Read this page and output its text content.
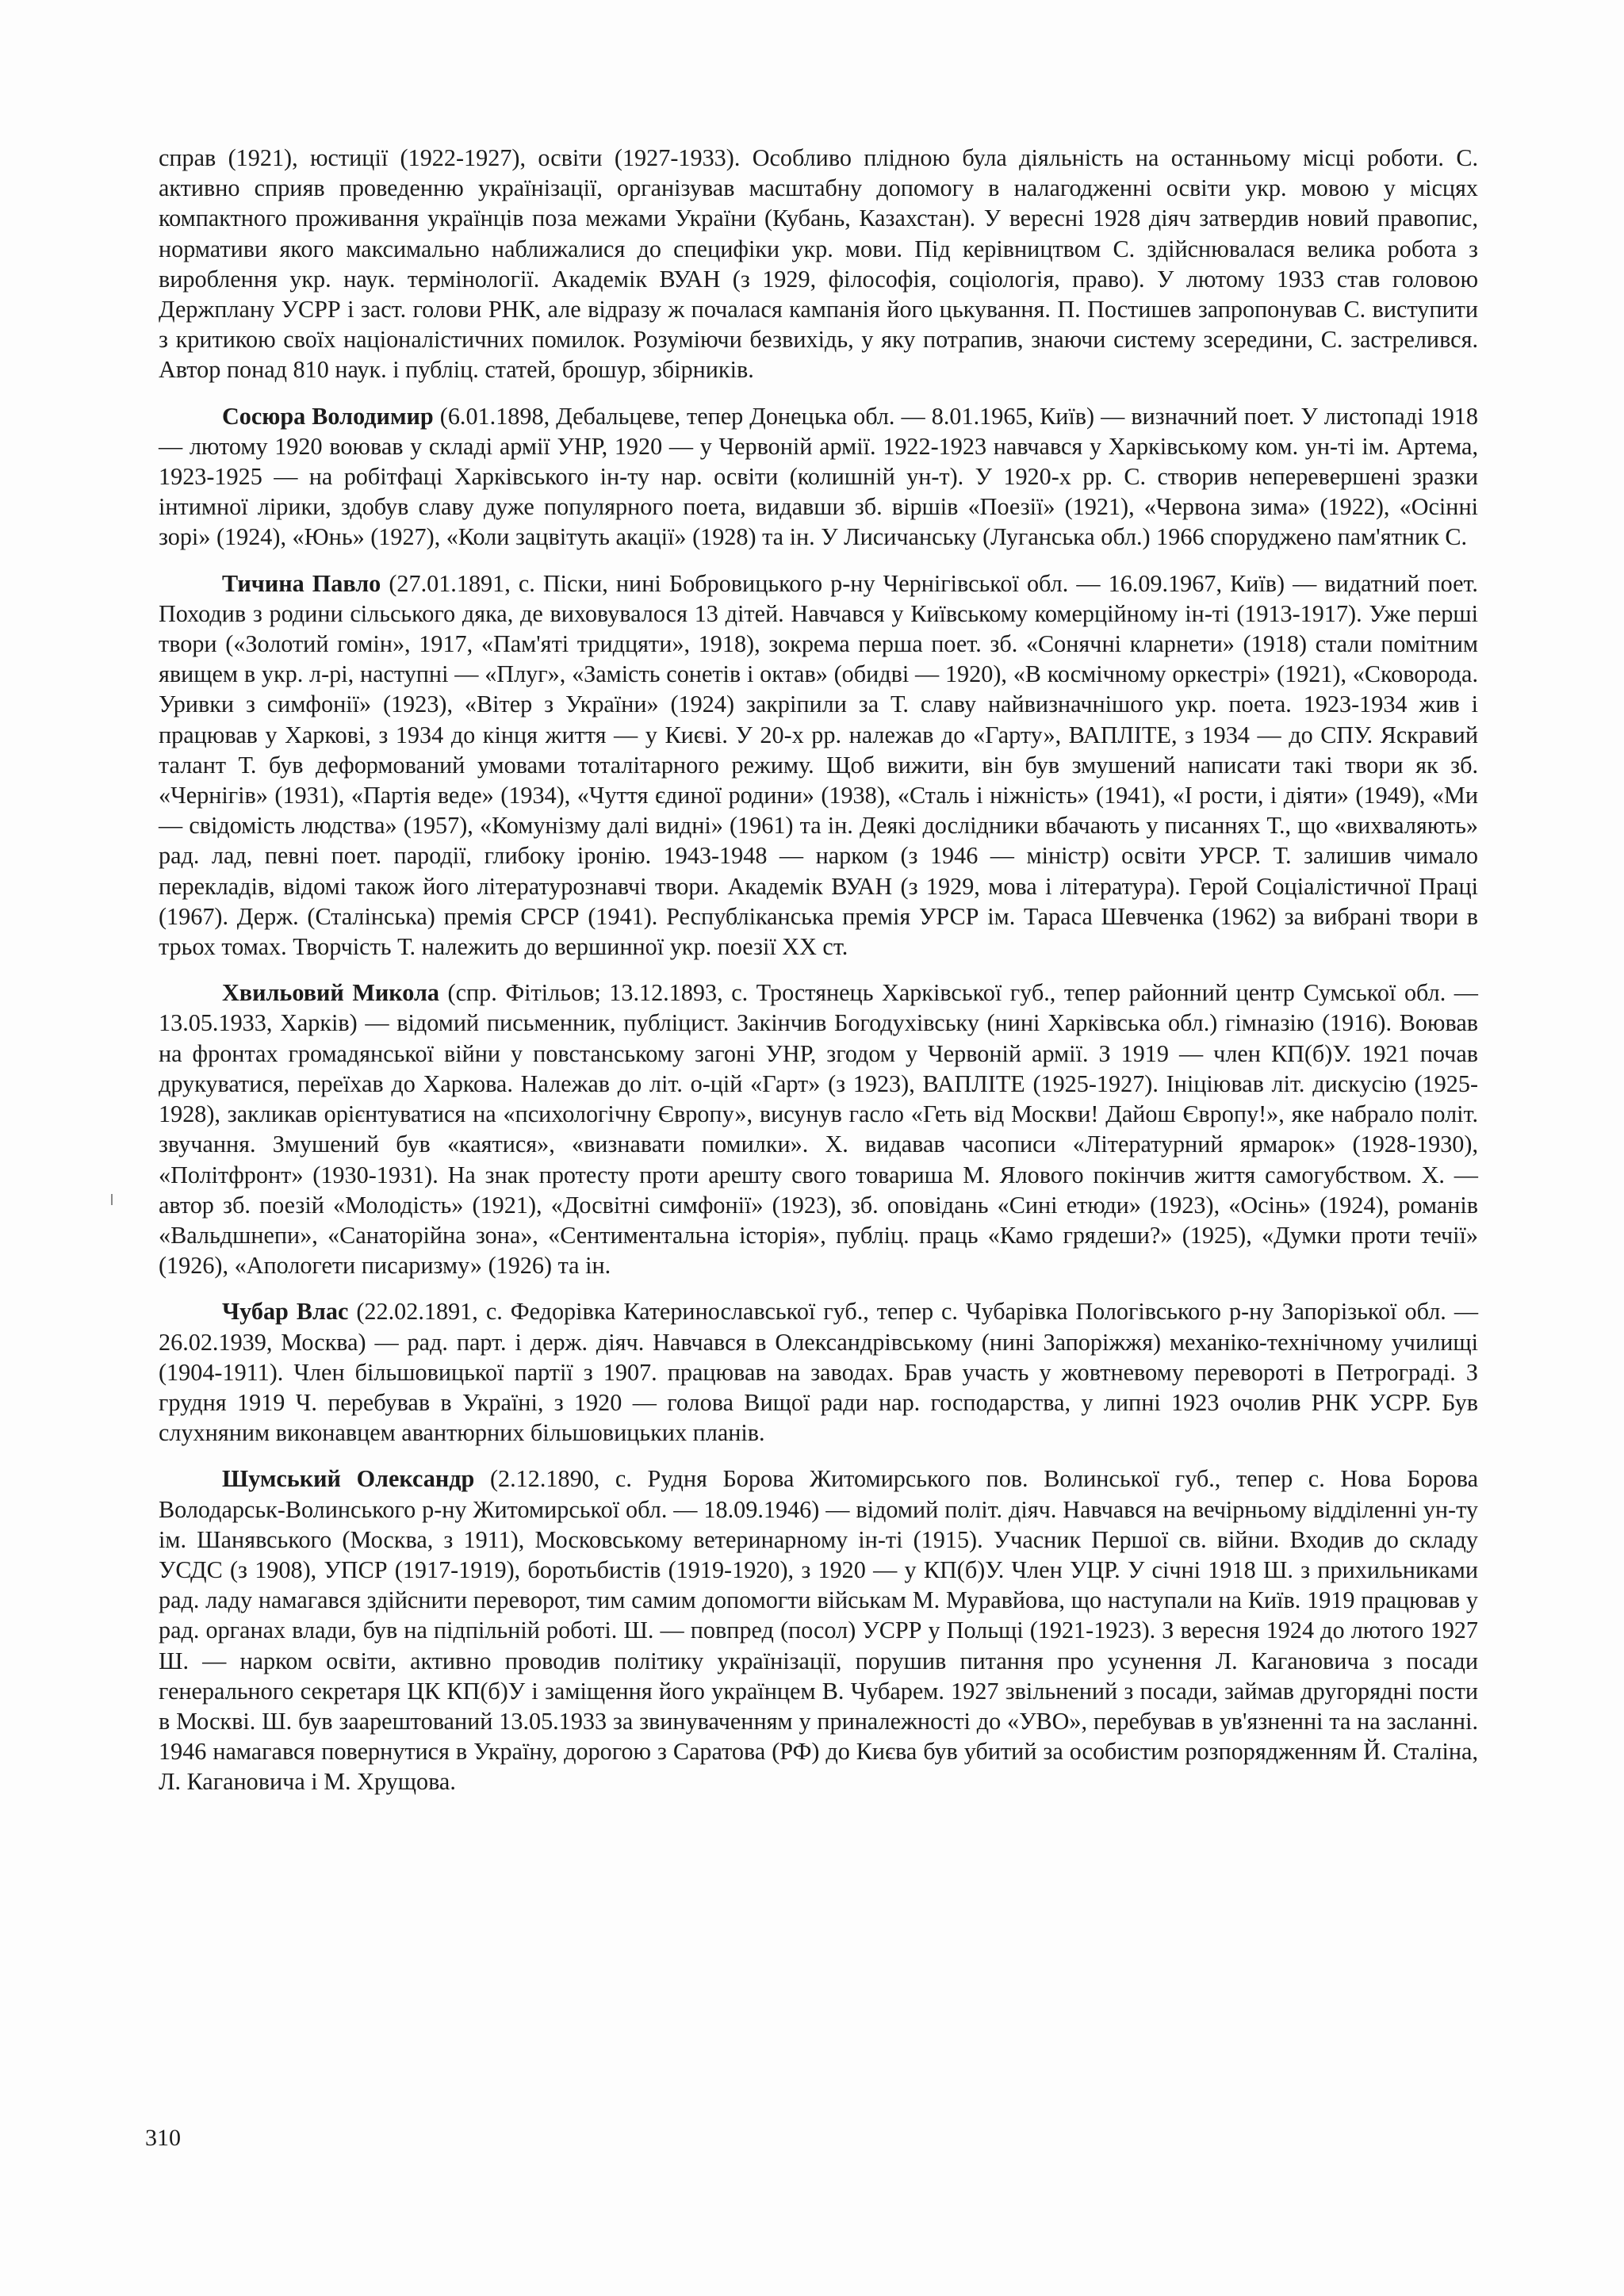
справ (1921), юстиції (1922-1927), освіти (1927-1933). Особливо плідною була діяльність на останньому місці роботи. С. активно сприяв проведенню українізації, організував масштабну допомогу в налагодженні освіти укр. мовою у місцях компактного проживання українців поза межами України (Кубань, Казахстан). У вересні 1928 діяч затвердив новий правопис, нормативи якого максимально наближалися до специфіки укр. мови. Під керівництвом С. здійснювалася велика робота з вироблення укр. наук. термінології. Академік ВУАН (з 1929, філософія, соціологія, право). У лютому 1933 став головою Держплану УСРР і заст. голови РНК, але відразу ж почалася кампанія його цькування. П. Постишев запропонував С. виступити з критикою своїх націоналістичних помилок. Розуміючи безвихідь, у яку потрапив, знаючи систему зсередини, С. застрелився. Автор понад 810 наук. і публіц. статей, брошур, збірників.

Сосюра Володимир (6.01.1898, Дебальцеве, тепер Донецька обл. — 8.01.1965, Київ) — визначний поет. У листопаді 1918 — лютому 1920 воював у складі армії УНР, 1920 — у Червоній армії. 1922-1923 навчався у Харківському ком. ун-ті ім. Артема, 1923-1925 — на робітфаці Харківського ін-ту нар. освіти (колишній ун-т). У 1920-х рр. С. створив неперевершені зразки інтимної лірики, здобув славу дуже популярного поета, видавши зб. віршів «Поезії» (1921), «Червона зима» (1922), «Осінні зорі» (1924), «Юнь» (1927), «Коли зацвітуть акації» (1928) та ін. У Лисичанську (Луганська обл.) 1966 споруджено пам'ятник С.

Тичина Павло (27.01.1891, с. Піски, нині Бобровицького р-ну Чернігівської обл. — 16.09.1967, Київ) — видатний поет. Походив з родини сільського дяка, де виховувалося 13 дітей. Навчався у Київському комерційному ін-ті (1913-1917). Уже перші твори («Золотий гомін», 1917, «Пам'яті тридцяти», 1918), зокрема перша поет. зб. «Сонячні кларнети» (1918) стали помітним явищем в укр. л-рі, наступні — «Плуг», «Замість сонетів і октав» (обидві — 1920), «В космічному оркестрі» (1921), «Сковорода. Уривки з симфонії» (1923), «Вітер з України» (1924) закріпили за Т. славу найвизначнішого укр. поета. 1923-1934 жив і працював у Харкові, з 1934 до кінця життя — у Києві. У 20-х рр. належав до «Гарту», ВАПЛІТЕ, з 1934 — до СПУ. Яскравий талант Т. був деформований умовами тоталітарного режиму. Щоб вижити, він був змушений написати такі твори як зб. «Чернігів» (1931), «Партія веде» (1934), «Чуття єдиної родини» (1938), «Сталь і ніжність» (1941), «І рости, і діяти» (1949), «Ми — свідомість людства» (1957), «Комунізму далі видні» (1961) та ін. Деякі дослідники вбачають у писаннях Т., що «вихваляють» рад. лад, певні поет. пародії, глибоку іронію. 1943-1948 — нарком (з 1946 — міністр) освіти УРСР. Т. залишив чимало перекладів, відомі також його літературознавчі твори. Академік ВУАН (з 1929, мова і література). Герой Соціалістичної Праці (1967). Держ. (Сталінська) премія СРСР (1941). Республіканська премія УРСР ім. Тараса Шевченка (1962) за вибрані твори в трьох томах. Творчість Т. належить до вершинної укр. поезії XX ст.

Хвильовий Микола (спр. Фітільов; 13.12.1893, с. Тростянець Харківської губ., тепер районний центр Сумської обл. — 13.05.1933, Харків) — відомий письменник, публіцист. Закінчив Богодухівську (нині Харківська обл.) гімназію (1916). Воював на фронтах громадянської війни у повстанському загоні УНР, згодом у Червоній армії. З 1919 — член КП(б)У. 1921 почав друкуватися, переїхав до Харкова. Належав до літ. о-цій «Гарт» (з 1923), ВАПЛІТЕ (1925-1927). Ініціював літ. дискусію (1925-1928), закликав орієнтуватися на «психологічну Європу», висунув гасло «Геть від Москви! Дайош Європу!», яке набрало політ. звучання. Змушений був «каятися», «визнавати помилки». Х. видавав часописи «Літературний ярмарок» (1928-1930), «Політфронт» (1930-1931). На знак протесту проти арешту свого товариша М. Ялового покінчив життя самогубством. Х. — автор зб. поезій «Молодість» (1921), «Досвітні симфонії» (1923), зб. оповідань «Сині етюди» (1923), «Осінь» (1924), романів «Вальдшнепи», «Санаторійна зона», «Сентиментальна історія», публіц. праць «Камо грядеши?» (1925), «Думки проти течії» (1926), «Апологети писаризму» (1926) та ін.

Чубар Влас (22.02.1891, с. Федорівка Катеринославської губ., тепер с. Чубарівка Пологівського р-ну Запорізької обл. — 26.02.1939, Москва) — рад. парт. і держ. діяч. Навчався в Олександрівському (нині Запоріжжя) механіко-технічному училищі (1904-1911). Член більшовицької партії з 1907. працював на заводах. Брав участь у жовтневому перевороті в Петрограді. З грудня 1919 Ч. перебував в Україні, з 1920 — голова Вищої ради нар. господарства, у липні 1923 очолив РНК УСРР. Був слухняним виконавцем авантюрних більшовицьких планів.

Шумський Олександр (2.12.1890, с. Рудня Борова Житомирського пов. Волинської губ., тепер с. Нова Борова Володарськ-Волинського р-ну Житомирської обл. — 18.09.1946) — відомий політ. діяч. Навчався на вечірньому відділенні ун-ту ім. Шанявського (Москва, з 1911), Московському ветеринарному ін-ті (1915). Учасник Першої св. війни. Входив до складу УСДС (з 1908), УПСР (1917-1919), боротьбистів (1919-1920), з 1920 — у КП(б)У. Член УЦР. У січні 1918 Ш. з прихильниками рад. ладу намагався здійснити переворот, тим самим допомогти військам М. Муравйова, що наступали на Київ. 1919 працював у рад. органах влади, був на підпільній роботі. Ш. — повпред (посол) УСРР у Польщі (1921-1923). З вересня 1924 до лютого 1927 Ш. — нарком освіти, активно проводив політику українізації, порушив питання про усунення Л. Кагановича з посади генерального секретаря ЦК КП(б)У і заміщення його українцем В. Чубарем. 1927 звільнений з посади, займав другорядні пости в Москві. Ш. був заарештований 13.05.1933 за звинуваченням у приналежності до «УВО», перебував в ув'язненні та на засланні. 1946 намагався повернутися в Україну, дорогою з Саратова (РФ) до Києва був убитий за особистим розпорядженням Й. Сталіна, Л. Кагановича і М. Хрущова.

310
